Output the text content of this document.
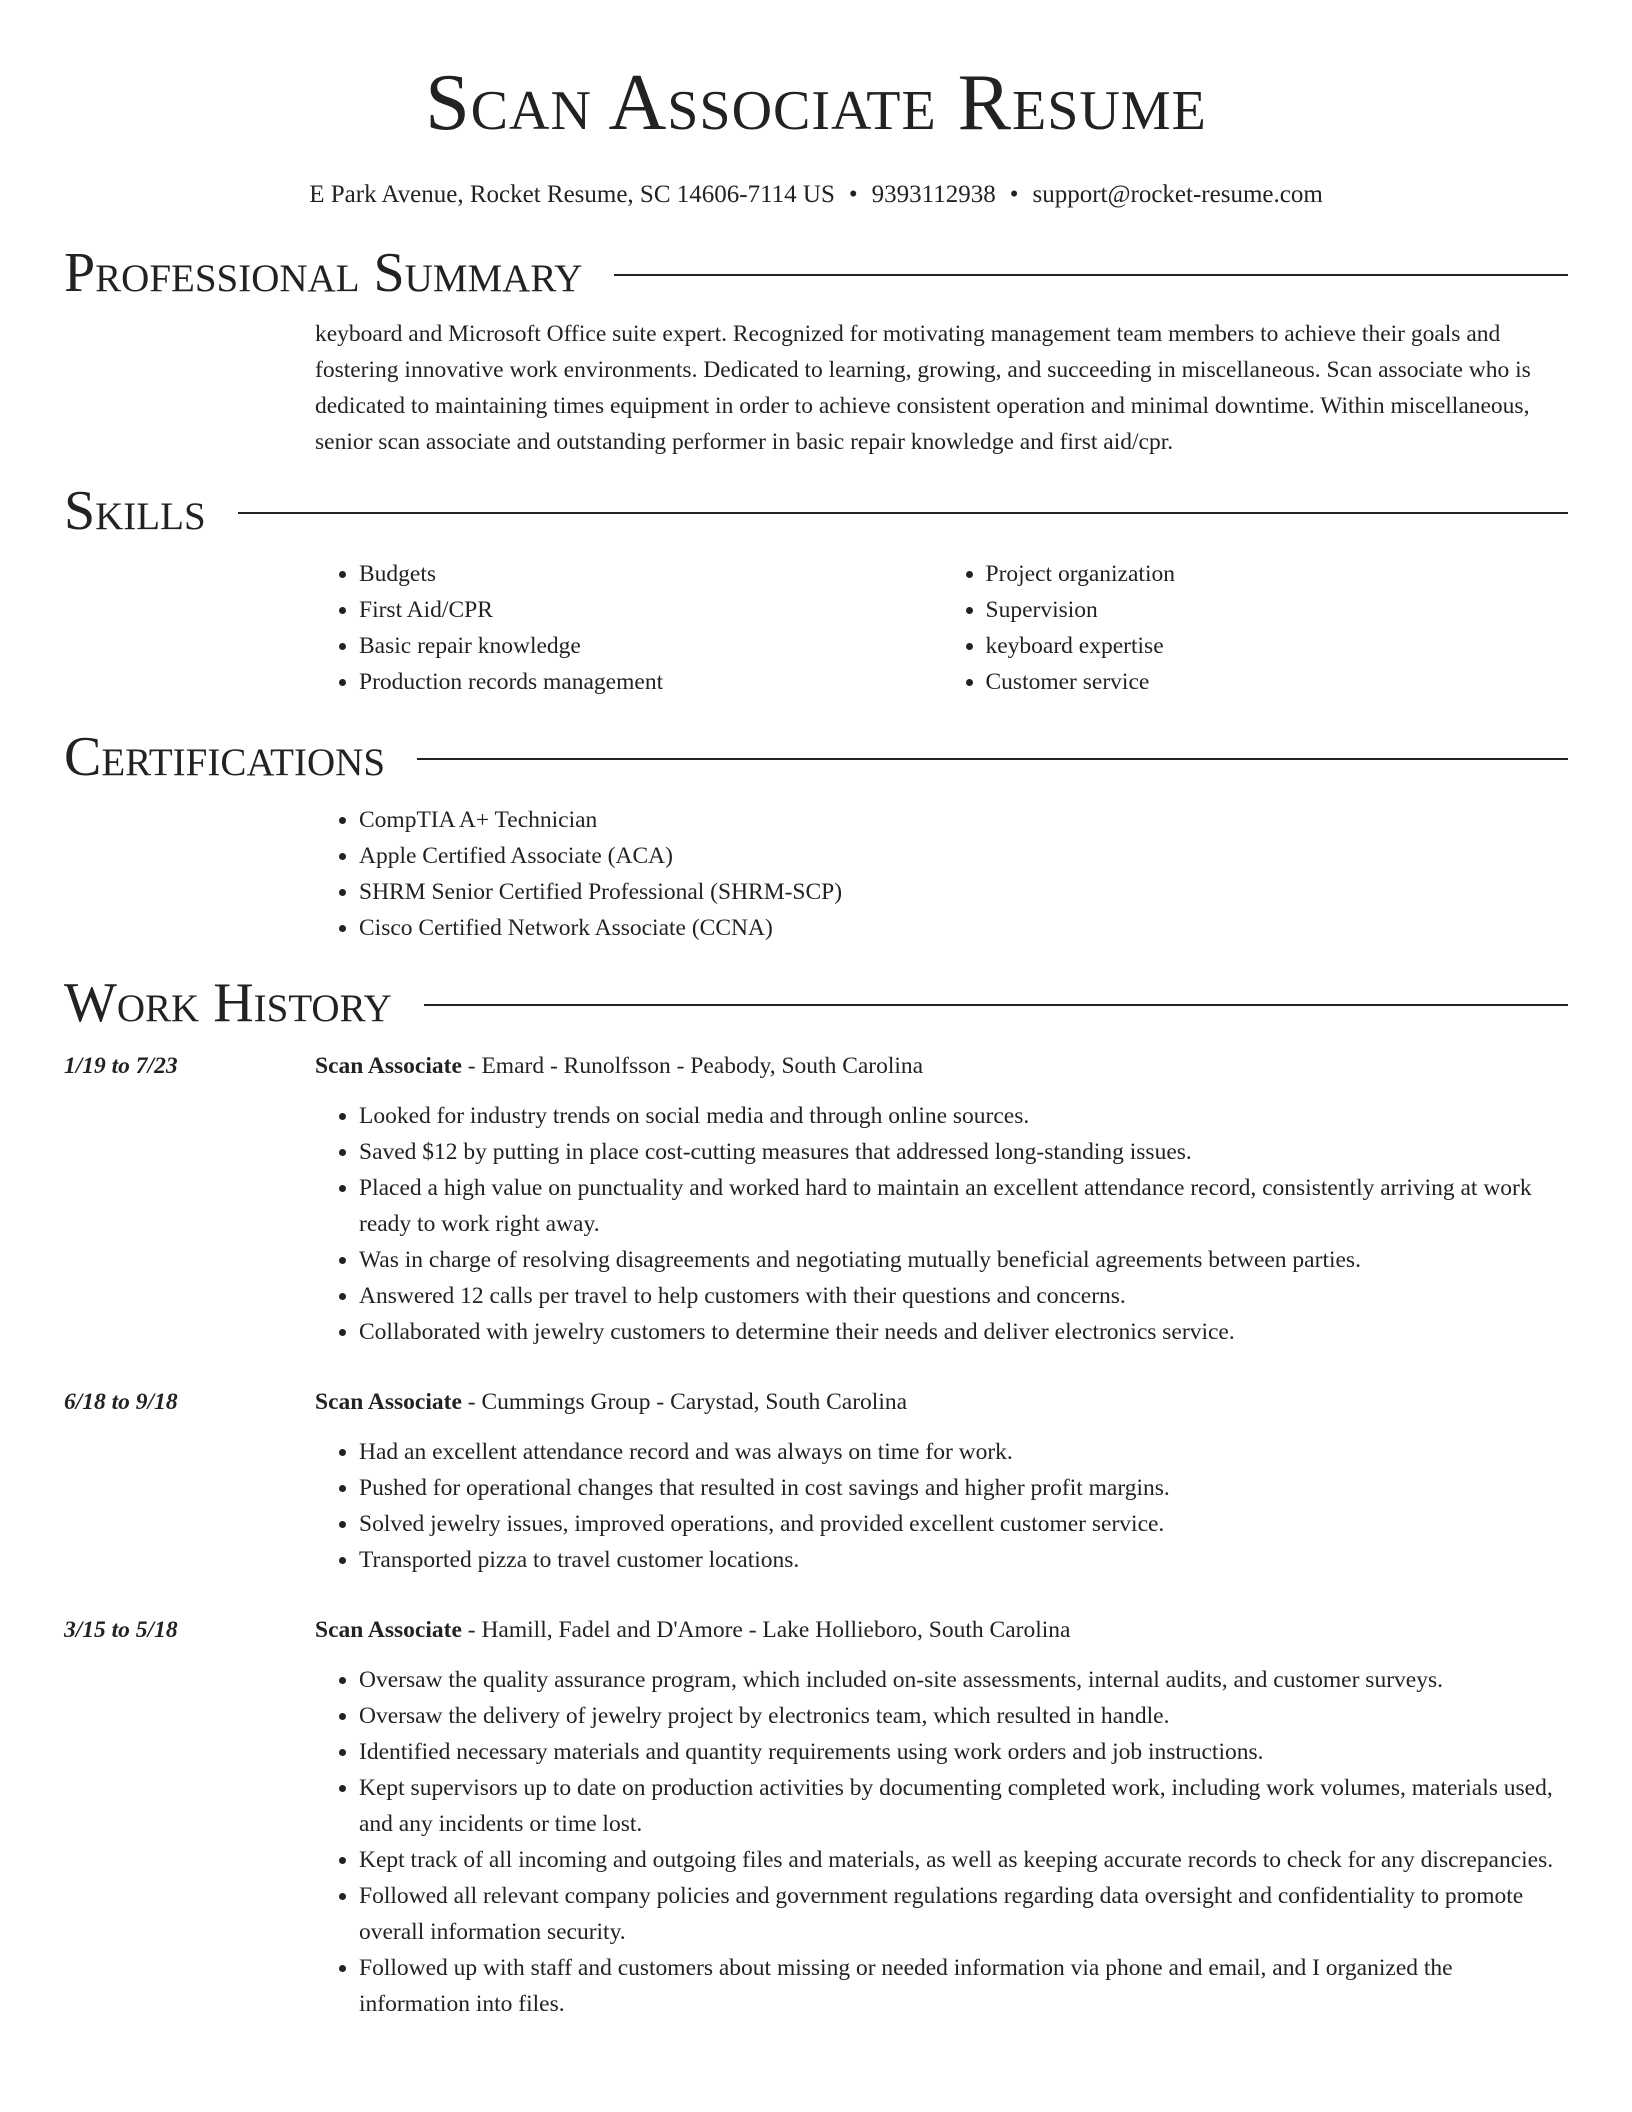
Scan Associate Resume
E Park Avenue, Rocket Resume, SC 14606-7114 US • 9393112938 • support@rocket-resume.com
Professional Summary

keyboard and Microsoft Office suite expert. Recognized for motivating management team members to achieve their goals and fostering innovative work environments. Dedicated to learning, growing, and succeeding in miscellaneous. Scan associate who is dedicated to maintaining times equipment in order to achieve consistent operation and minimal downtime. Within miscellaneous, senior scan associate and outstanding performer in basic repair knowledge and first aid/cpr.

Skills
• Budgets
• First Aid/CPR
• Basic repair knowledge
• Production records management
• Project organization
• Supervision
• keyboard expertise
• Customer service
Certifications
• CompTIA A+ Technician
• Apple Certified Associate (ACA)
• SHRM Senior Certified Professional (SHRM-SCP)
• Cisco Certified Network Associate (CCNA)
Work History
1/19 to 7/23	Scan Associate - Emard - Runolfsson - Peabody, South Carolina
• Looked for industry trends on social media and through online sources.
• Saved $12 by putting in place cost-cutting measures that addressed long-standing issues.
• Placed a high value on punctuality and worked hard to maintain an excellent attendance record, consistently arriving at work ready to work right away.
• Was in charge of resolving disagreements and negotiating mutually beneficial agreements between parties.
• Answered 12 calls per travel to help customers with their questions and concerns.
• Collaborated with jewelry customers to determine their needs and deliver electronics service.
6/18 to 9/18	Scan Associate - Cummings Group - Carystad, South Carolina
• Had an excellent attendance record and was always on time for work.
• Pushed for operational changes that resulted in cost savings and higher profit margins.
• Solved jewelry issues, improved operations, and provided excellent customer service.
• Transported pizza to travel customer locations.
3/15 to 5/18	Scan Associate - Hamill, Fadel and D'Amore - Lake Hollieboro, South Carolina
• Oversaw the quality assurance program, which included on-site assessments, internal audits, and customer surveys.
• Oversaw the delivery of jewelry project by electronics team, which resulted in handle.
• Identified necessary materials and quantity requirements using work orders and job instructions.
• Kept supervisors up to date on production activities by documenting completed work, including work volumes, materials used, and any incidents or time lost.
• Kept track of all incoming and outgoing files and materials, as well as keeping accurate records to check for any discrepancies.
• Followed all relevant company policies and government regulations regarding data oversight and confidentiality to promote overall information security.
• Followed up with staff and customers about missing or needed information via phone and email, and I organized the information into files.
